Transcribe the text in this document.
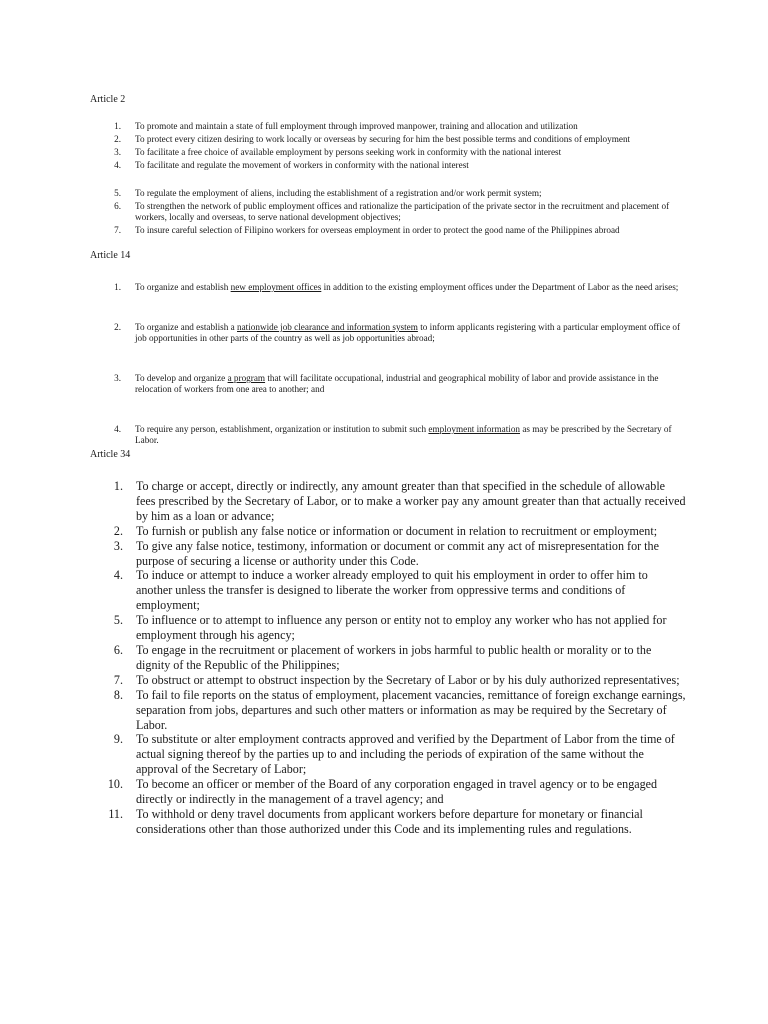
Article 2
1. To promote and maintain a state of full employment through improved manpower, training and allocation and utilization
2. To protect every citizen desiring to work locally or overseas by securing for him the best possible terms and conditions of employment
3. To facilitate a free choice of available employment by persons seeking work in conformity with the national interest
4. To facilitate and regulate the movement of workers in conformity with the national interest
5. To regulate the employment of aliens, including the establishment of a registration and/or work permit system;
6. To strengthen the network of public employment offices and rationalize the participation of the private sector in the recruitment and placement of workers, locally and overseas, to serve national development objectives;
7. To insure careful selection of Filipino workers for overseas employment in order to protect the good name of the Philippines abroad
Article 14
1. To organize and establish new employment offices in addition to the existing employment offices under the Department of Labor as the need arises;
2. To organize and establish a nationwide job clearance and information system to inform applicants registering with a particular employment office of job opportunities in other parts of the country as well as job opportunities abroad;
3. To develop and organize a program that will facilitate occupational, industrial and geographical mobility of labor and provide assistance in the relocation of workers from one area to another; and
4. To require any person, establishment, organization or institution to submit such employment information as may be prescribed by the Secretary of Labor.
Article 34
1. To charge or accept, directly or indirectly, any amount greater than that specified in the schedule of allowable fees prescribed by the Secretary of Labor, or to make a worker pay any amount greater than that actually received by him as a loan or advance;
2. To furnish or publish any false notice or information or document in relation to recruitment or employment;
3. To give any false notice, testimony, information or document or commit any act of misrepresentation for the purpose of securing a license or authority under this Code.
4. To induce or attempt to induce a worker already employed to quit his employment in order to offer him to another unless the transfer is designed to liberate the worker from oppressive terms and conditions of employment;
5. To influence or to attempt to influence any person or entity not to employ any worker who has not applied for employment through his agency;
6. To engage in the recruitment or placement of workers in jobs harmful to public health or morality or to the dignity of the Republic of the Philippines;
7. To obstruct or attempt to obstruct inspection by the Secretary of Labor or by his duly authorized representatives;
8. To fail to file reports on the status of employment, placement vacancies, remittance of foreign exchange earnings, separation from jobs, departures and such other matters or information as may be required by the Secretary of Labor.
9. To substitute or alter employment contracts approved and verified by the Department of Labor from the time of actual signing thereof by the parties up to and including the periods of expiration of the same without the approval of the Secretary of Labor;
10. To become an officer or member of the Board of any corporation engaged in travel agency or to be engaged directly or indirectly in the management of a travel agency; and
11. To withhold or deny travel documents from applicant workers before departure for monetary or financial considerations other than those authorized under this Code and its implementing rules and regulations.
